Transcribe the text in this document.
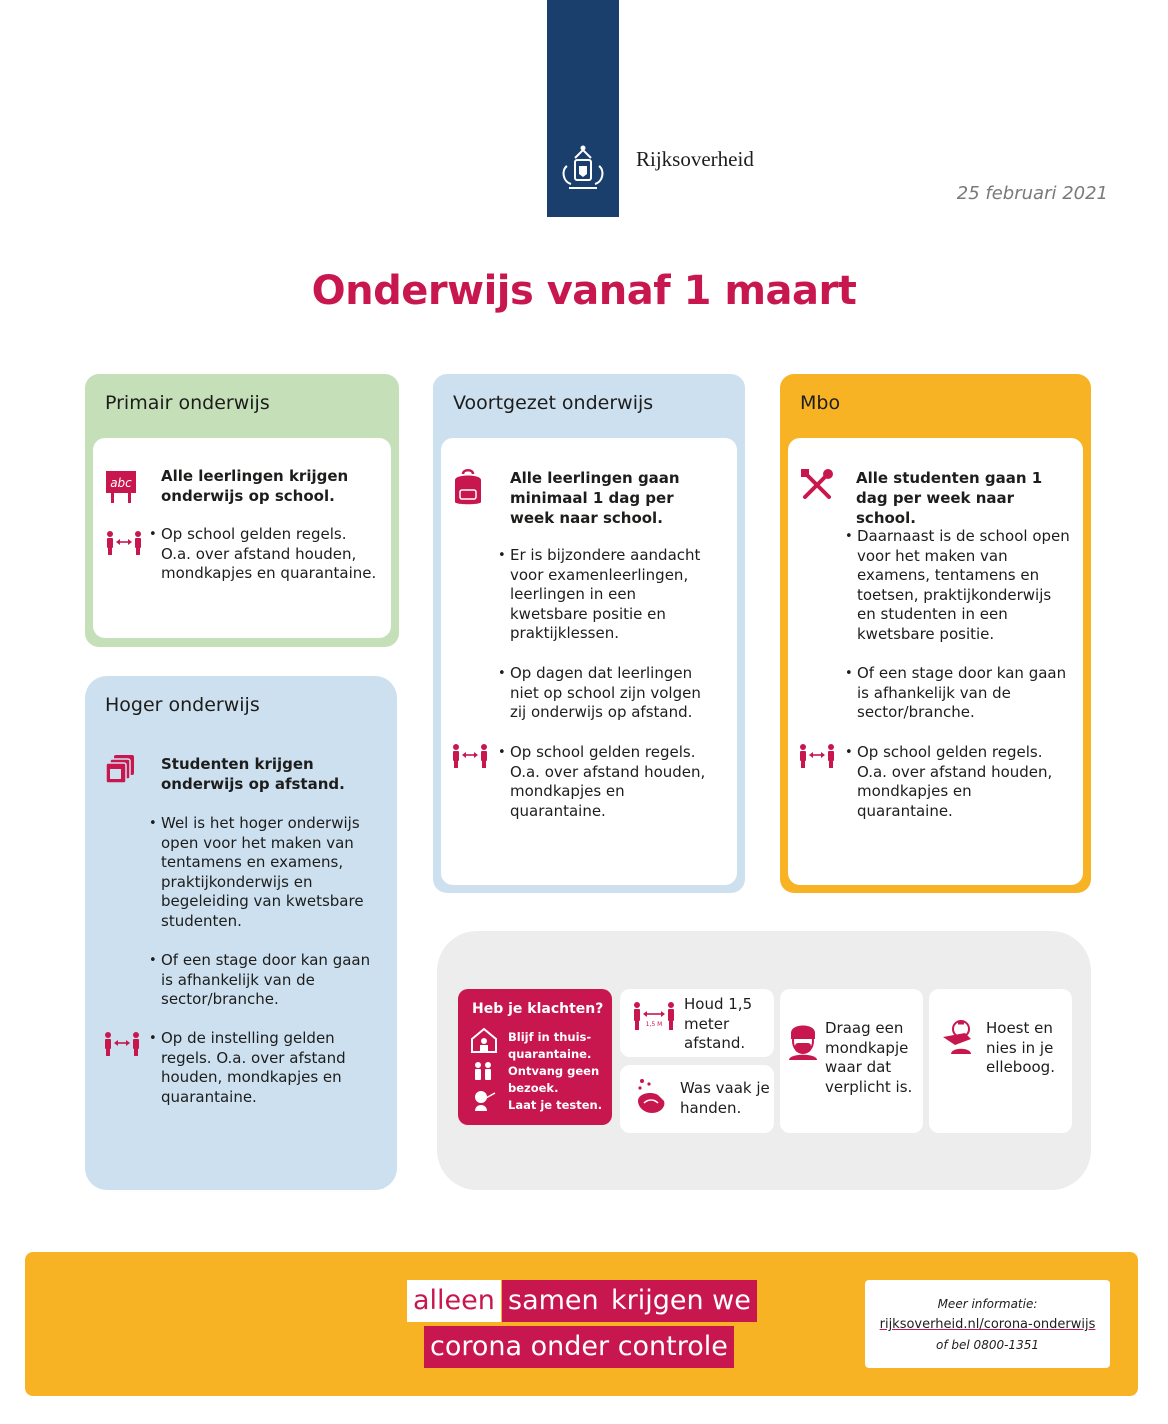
Rijksoverheid
25 februari 2021
Onderwijs vanaf 1 maart
Primair onderwijs
abc Alle leerlingen krijgen onderwijs op school.
• Op school gelden regels. O.a. over afstand houden, mondkapjes en quarantaine.
Voortgezet onderwijs
Alle leerlingen gaan minimaal 1 dag per week naar school.
• Er is bijzondere aandacht voor examenleerlingen, leerlingen in een kwetsbare positie en praktijklessen.
• Op dagen dat leerlingen niet op school zijn volgen zij onderwijs op afstand.
• Op school gelden regels. O.a. over afstand houden, mondkapjes en quarantaine.
Mbo
Alle studenten gaan 1 dag per week naar school.
• Daarnaast is de school open voor het maken van examens, tentamens en toetsen, praktijkonderwijs en studenten in een kwetsbare positie.
• Of een stage door kan gaan is afhankelijk van de sector/branche.
• Op school gelden regels. O.a. over afstand houden, mondkapjes en quarantaine.
Hoger onderwijs
Studenten krijgen onderwijs op afstand.
• Wel is het hoger onderwijs open voor het maken van tentamens en examens, praktijkonderwijs en begeleiding van kwetsbare studenten.
• Of een stage door kan gaan is afhankelijk van de sector/branche.
• Op de instelling gelden regels. O.a. over afstand houden, mondkapjes en quarantaine.
Heb je klachten?
Blijf in thuis-
quarantaine.
Ontvang geen
bezoek.
Laat je testen.
1,5 M
Houd 1,5 meter afstand.
Was vaak je handen.
Draag een mondkapje waar dat verplicht is.
Hoest en nies in je elleboog.
alleen samen krijgen we
corona onder controle
Meer informatie:
rijksoverheid.nl/corona-onderwijs
of bel 0800-1351
